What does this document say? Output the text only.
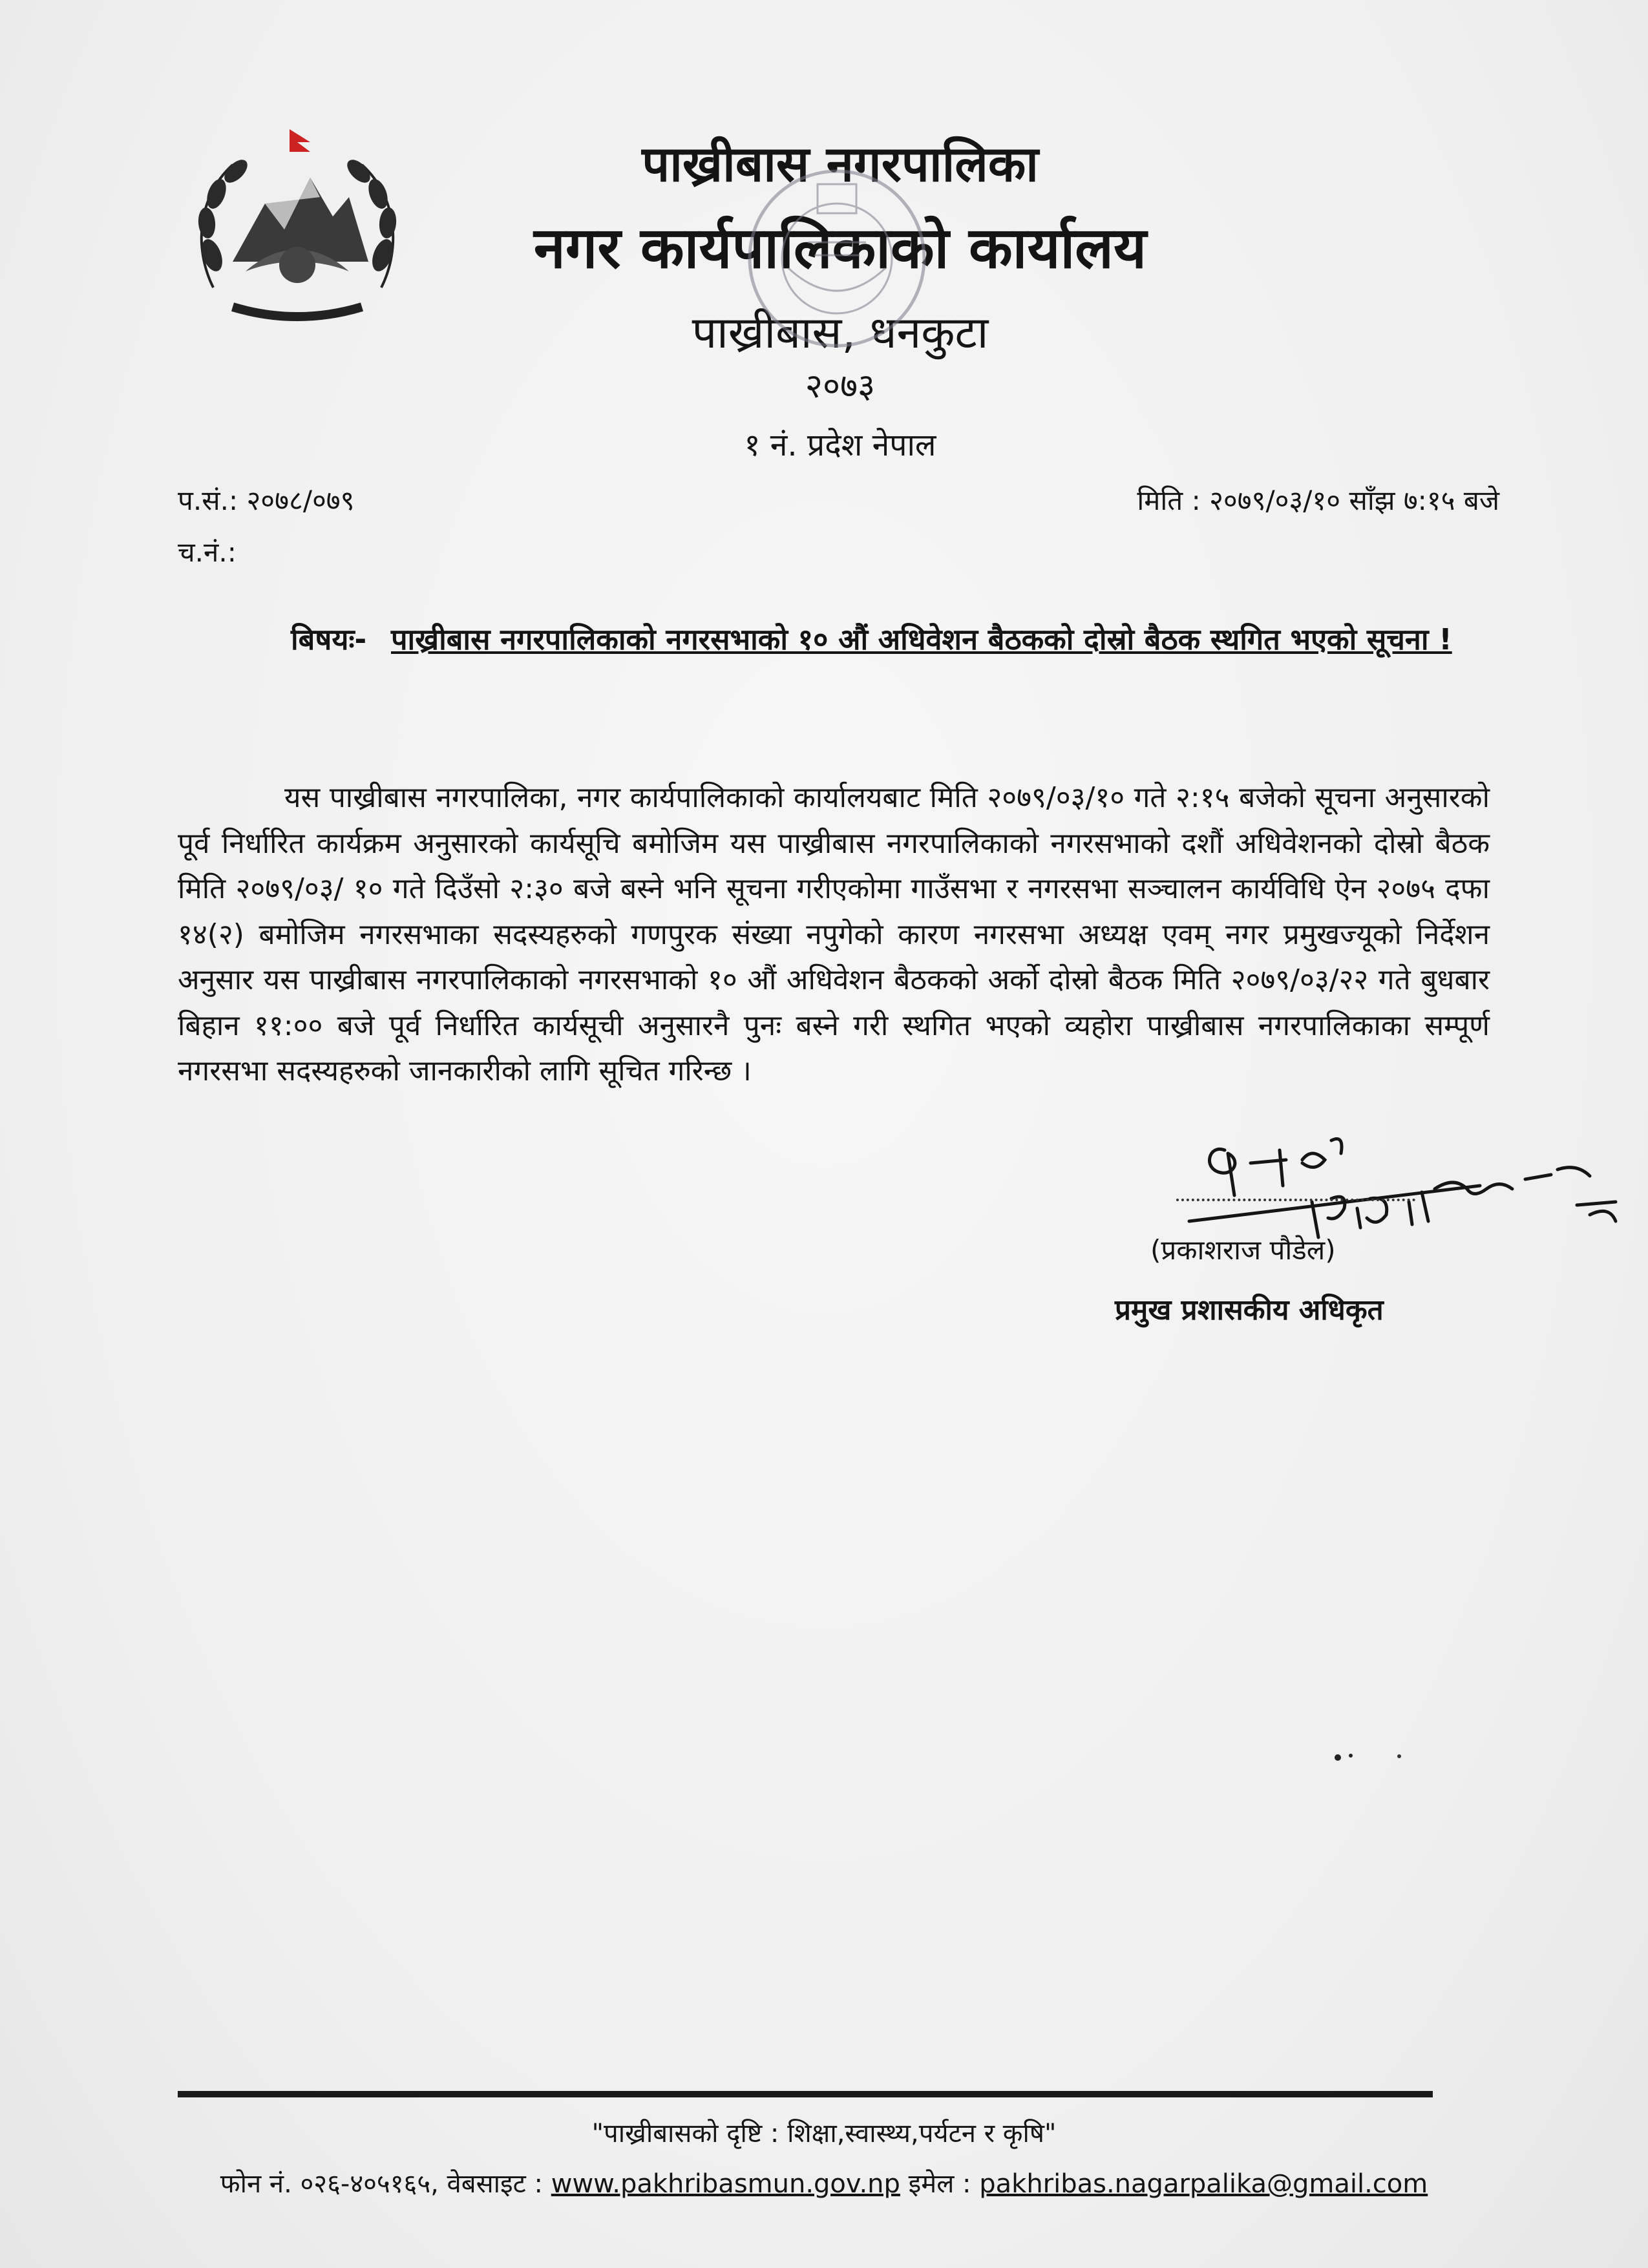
पाख्रीबास नगरपालिका
नगर कार्यपालिकाको कार्यालय
पाख्रीबास, धनकुटा
२०७३
१ नं. प्रदेश नेपाल
प.सं.: २०७८/०७९
च.नं.:
मिति : २०७९/०३/१० साँझ ७:१५ बजे
बिषयः- पाख्रीबास नगरपालिकाको नगरसभाको १० औं अधिवेशन बैठकको दोस्रो बैठक स्थगित भएको सूचना !
यस पाख्रीबास नगरपालिका, नगर कार्यपालिकाको कार्यालयबाट मिति २०७९/०३/१० गते २:१५ बजेको सूचना अनुसारको पूर्व निर्धारित कार्यक्रम अनुसारको कार्यसूचि बमोजिम यस पाख्रीबास नगरपालिकाको नगरसभाको दशौं अधिवेशनको दोस्रो बैठक मिति २०७९/०३/ १० गते दिउँसो २:३० बजे बस्ने भनि सूचना गरीएकोमा गाउँसभा र नगरसभा सञ्चालन कार्यविधि ऐन २०७५ दफा १४(२) बमोजिम नगरसभाका सदस्यहरुको गणपुरक संख्या नपुगेको कारण नगरसभा अध्यक्ष एवम् नगर प्रमुखज्यूको निर्देशन अनुसार यस पाख्रीबास नगरपालिकाको नगरसभाको १० औं अधिवेशन बैठकको अर्को दोस्रो बैठक मिति २०७९/०३/२२ गते बुधबार बिहान ११:०० बजे पूर्व निर्धारित कार्यसूची अनुसारनै पुनः बस्ने गरी स्थगित भएको व्यहोरा पाख्रीबास नगरपालिकाका सम्पूर्ण नगरसभा सदस्यहरुको जानकारीको लागि सूचित गरिन्छ ।
(प्रकाशराज पौडेल)
प्रमुख प्रशासकीय अधिकृत
"पाख्रीबासको दृष्टि : शिक्षा,स्वास्थ्य,पर्यटन र कृषि"
फोन नं. ०२६-४०५१६५, वेबसाइट : www.pakhribasmun.gov.np इमेल : pakhribas.nagarpalika@gmail.com
